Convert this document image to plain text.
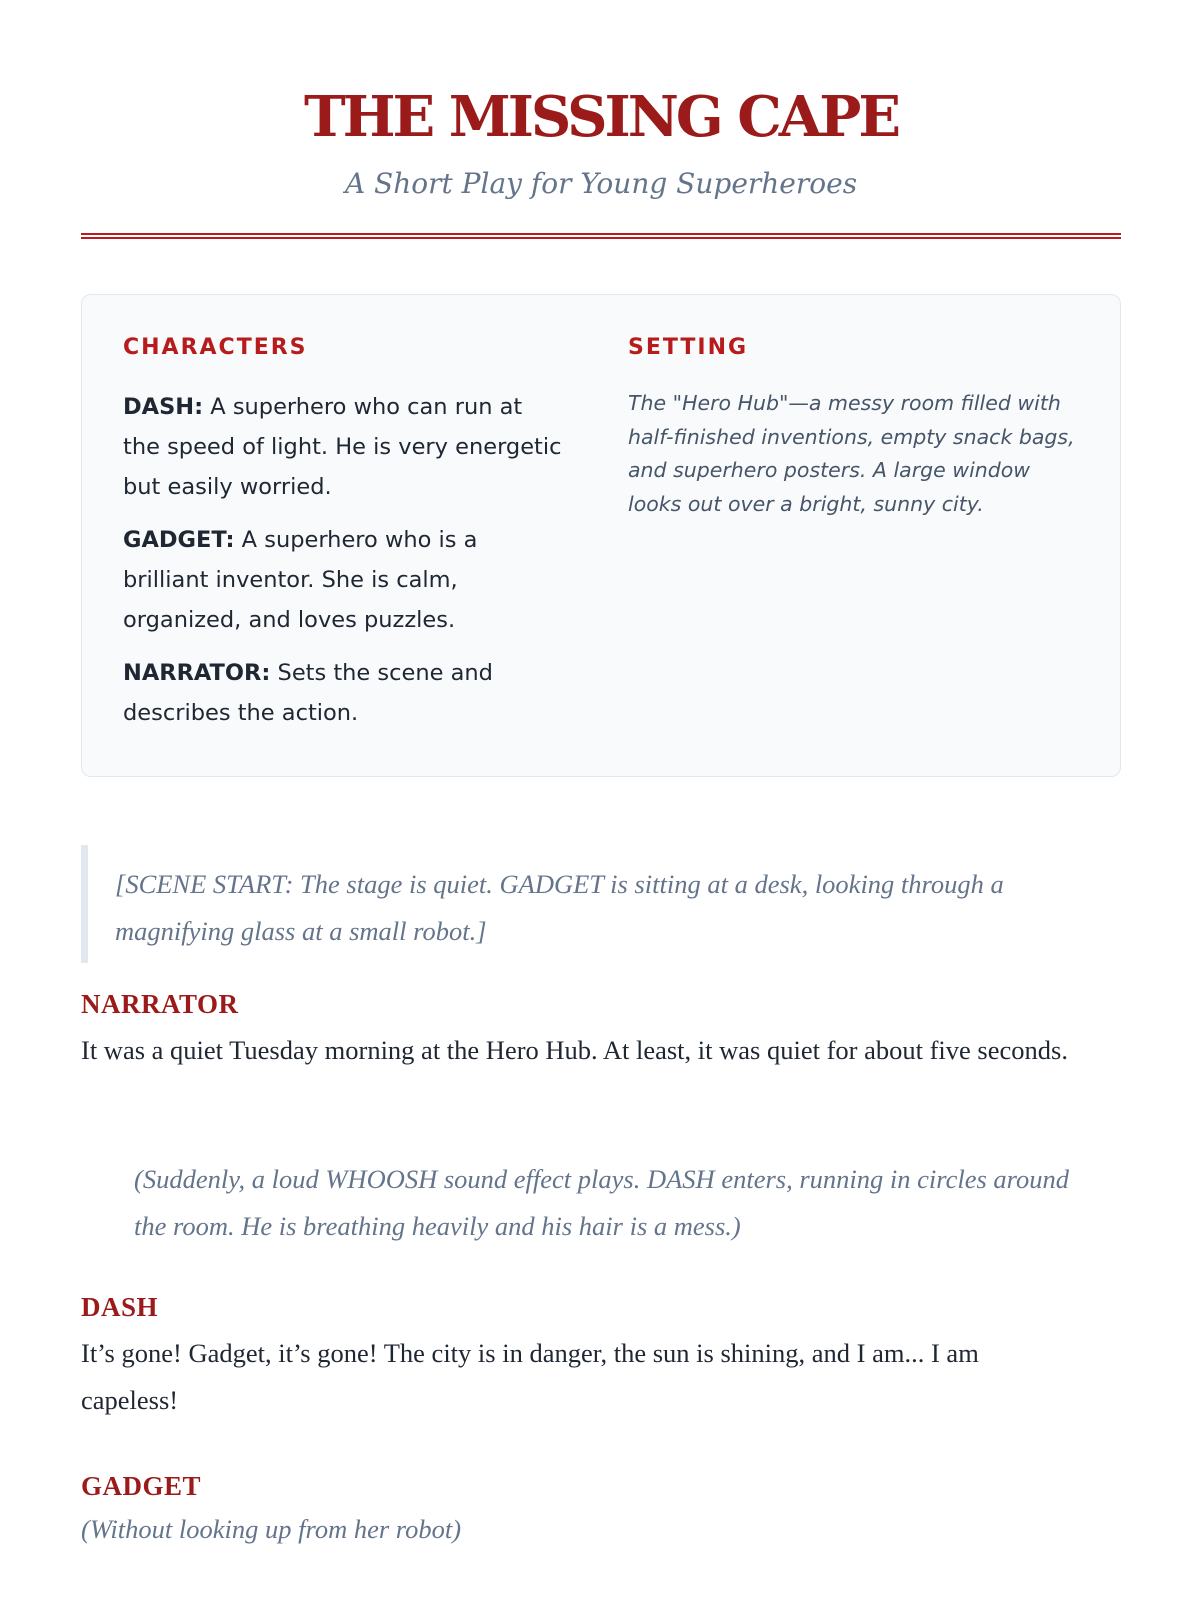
THE MISSING CAPE
A Short Play for Young Superheroes
CHARACTERS

DASH: A superhero who can run at the speed of light. He is very energetic but easily worried.

GADGET: A superhero who is a brilliant inventor. She is calm, organized, and loves puzzles.

NARRATOR: Sets the scene and describes the action.

SETTING

The "Hero Hub"—a messy room filled with half-finished inventions, empty snack bags, and superhero posters. A large window looks out over a bright, sunny city.

[SCENE START: The stage is quiet. GADGET is sitting at a desk, looking through a magnifying glass at a small robot.]
NARRATOR
It was a quiet Tuesday morning at the Hero Hub. At least, it was quiet for about five seconds.
(Suddenly, a loud WHOOSH sound effect plays. DASH enters, running in circles around the room. He is breathing heavily and his hair is a mess.)
DASH
It’s gone! Gadget, it’s gone! The city is in danger, the sun is shining, and I am... I am capeless!
GADGET
(Without looking up from her robot)
